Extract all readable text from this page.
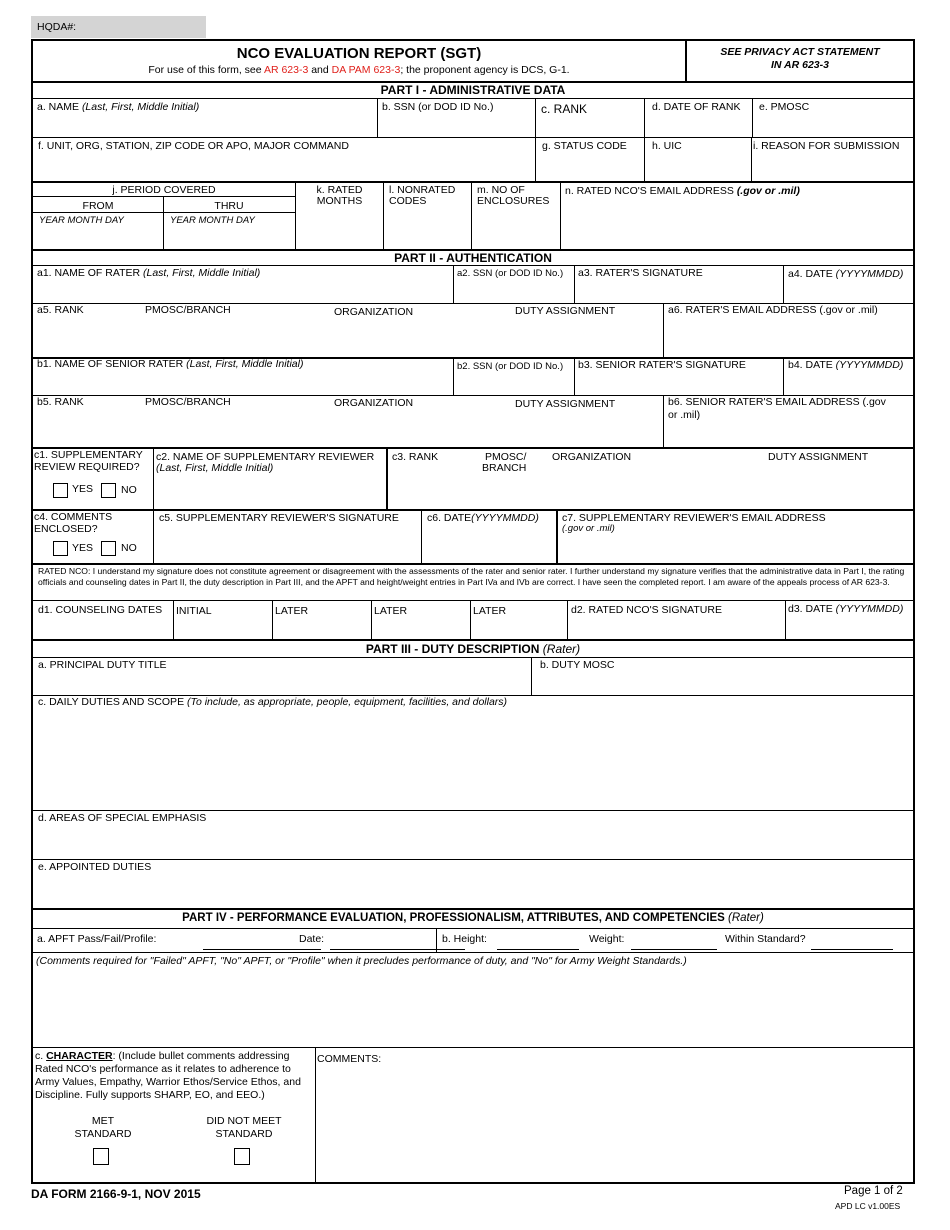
HQDA#:
NCO EVALUATION REPORT (SGT)
For use of this form, see AR 623-3 and DA PAM 623-3; the proponent agency is DCS, G-1.
SEE PRIVACY ACT STATEMENT
IN AR 623-3
PART I - ADMINISTRATIVE DATA
a. NAME (Last, First, Middle Initial)	b. SSN (or DOD ID No.)	c. RANK	d. DATE OF RANK e. PMOSC
f. UNIT, ORG, STATION, ZIP CODE OR APO, MAJOR COMMAND	g. STATUS CODE h. UIC	i. REASON FOR SUBMISSION
j. PERIOD COVERED
FROM	THRU
YEAR MONTH DAY	YEAR MONTH DAY
k. RATED
MONTHS
l. NONRATED
CODES
m. NO OF
ENCLOSURES
n. RATED NCO'S EMAIL ADDRESS (.gov or .mil)
PART II - AUTHENTICATION
a1. NAME OF RATER (Last, First, Middle Initial)	a2. SSN (or DOD ID No.) a3. RATER'S SIGNATURE	a4. DATE (YYYYMMDD)
a5. RANK	PMOSC/BRANCH	ORGANIZATION	DUTY ASSIGNMENT	a6. RATER'S EMAIL ADDRESS (.gov or .mil)
b1. NAME OF SENIOR RATER (Last, First, Middle Initial)	b2. SSN (or DOD ID No.) b3. SENIOR RATER'S SIGNATURE	b4. DATE (YYYYMMDD)
b5. RANK	PMOSC/BRANCH	ORGANIZATION	DUTY ASSIGNMENT	b6. SENIOR RATER'S EMAIL ADDRESS (.gov
or .mil)
c1. SUPPLEMENTARY
REVIEW REQUIRED?
YES	NO
c2. NAME OF SUPPLEMENTARY REVIEWER
(Last, First, Middle Initial)
c3. RANK	PMOSC/
BRANCH
ORGANIZATION	DUTY ASSIGNMENT
c4. COMMENTS
ENCLOSED?
YES	NO
c5. SUPPLEMENTARY REVIEWER'S SIGNATURE	c6. DATE(YYYYMMDD) c7. SUPPLEMENTARY REVIEWER'S EMAIL ADDRESS
(.gov or .mil)
RATED NCO: I understand my signature does not constitute agreement or disagreement with the assessments of the rater and senior rater. I further understand my signature verifies that the administrative data in Part I, the rating officials and counseling dates in Part II, the duty description in Part III, and the APFT and height/weight entries in Part IVa and IVb are correct. I have seen the completed report. I am aware of the appeals process of AR 623-3.
d1. COUNSELING DATES INITIAL	LATER	LATER	LATER	d2. RATED NCO'S SIGNATURE	d3. DATE (YYYYMMDD)
PART III - DUTY DESCRIPTION (Rater)
a. PRINCIPAL DUTY TITLE	b. DUTY MOSC
c. DAILY DUTIES AND SCOPE (To include, as appropriate, people, equipment, facilities, and dollars)
d. AREAS OF SPECIAL EMPHASIS
e. APPOINTED DUTIES
PART IV - PERFORMANCE EVALUATION, PROFESSIONALISM, ATTRIBUTES, AND COMPETENCIES (Rater)
a. APFT Pass/Fail/Profile:	Date:	b. Height:	Weight:	Within Standard?
(Comments required for "Failed" APFT, "No" APFT, or "Profile" when it precludes performance of duty, and "No" for Army Weight Standards.)
c. CHARACTER: (Include bullet comments addressing Rated NCO's performance as it relates to adherence to Army Values, Empathy, Warrior Ethos/Service Ethos, and Discipline. Fully supports SHARP, EO, and EEO.)
MET
STANDARD
DID NOT MEET
STANDARD
COMMENTS:
DA FORM 2166-9-1, NOV 2015	Page 1 of 2
APD LC v1.00ES
